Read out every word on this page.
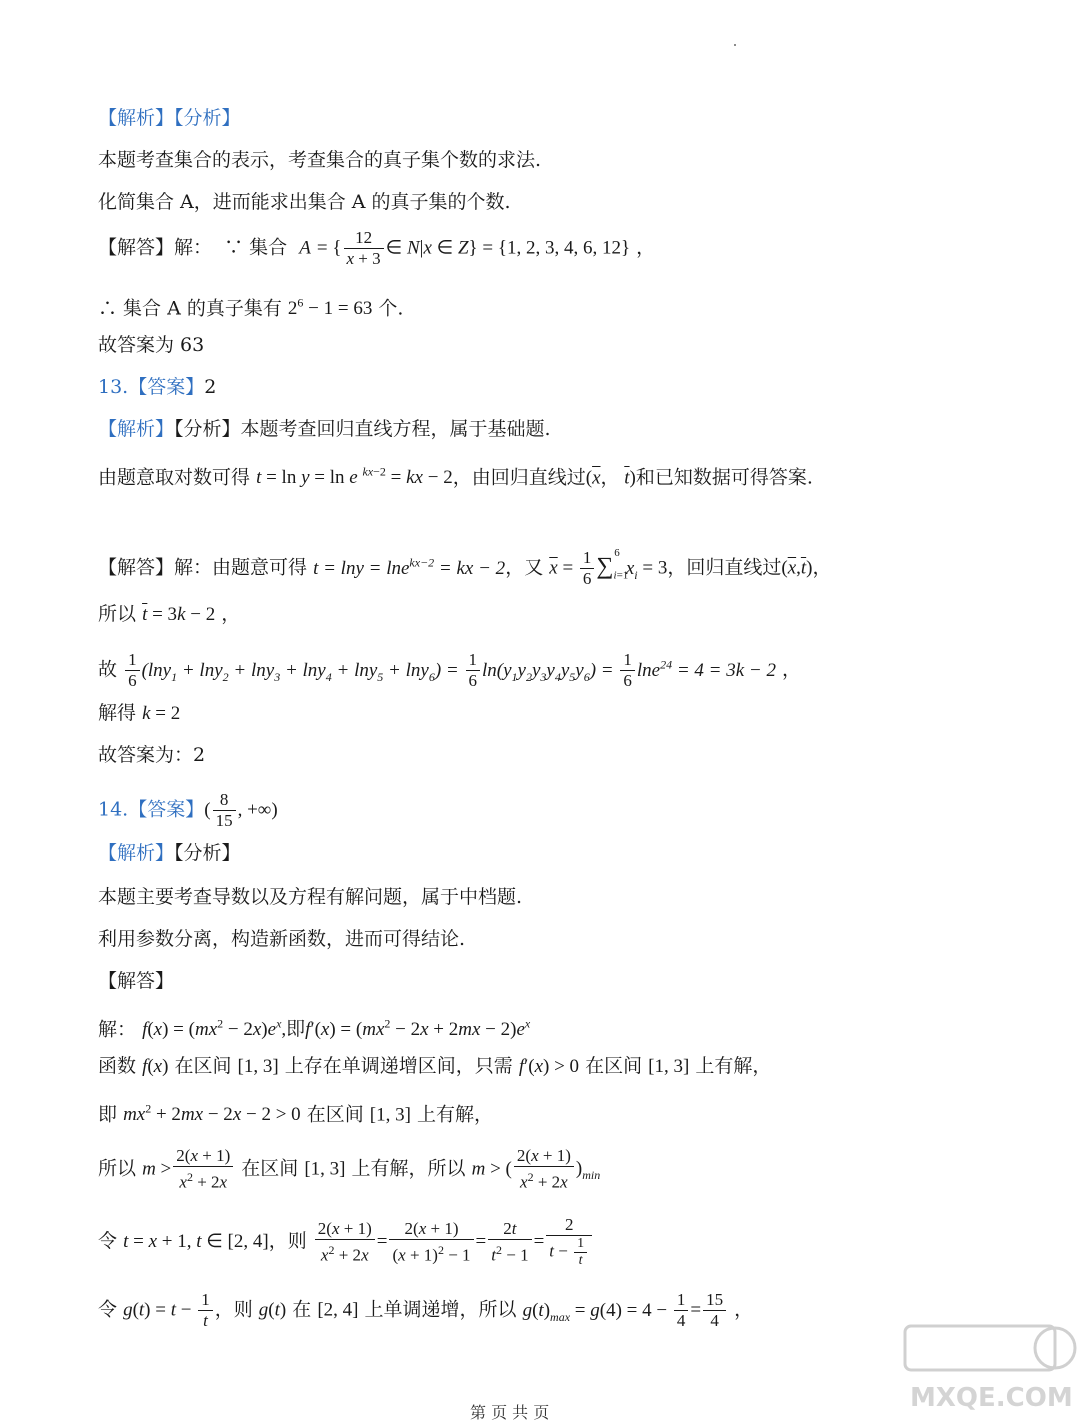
【解析】【分析】
本题考查集合的表示，考查集合的真子集个数的求法.
化简集合 A，进而能求出集合 A 的真子集的个数.
【解答】解： ∵ 集合 A = { $\frac{12}{x + 3}$ ∈ N|x ∈ Z} = {1, 2, 3, 4, 6, 12} ，
∴ 集合 A 的真子集有 $2^6 - 1 = 63$ 个.
故答案为 63
13.【答案】2
【解析】【分析】本题考查回归直线方程，属于基础题.
由题意取对数可得 t = ln y = ln e $^{kx-2}$ = kx − 2，由回归直线过($\overline{x}$， $\overline{t}$)和已知数据可得答案.
【解答】解：由题意可得 t = lny = lne$^{kx-2}$ = kx − 2，又 $\overline{x} = \frac{1}{6} \sum_{i=1}^6$ $x_i = 3$，回归直线过$(\overline{x},\overline{t})$，
所以 $\overline{t} = 3k - 2$ ，
故 $\frac{1}{6} (\ln y_1 + \ln y_2 + \ln y_3 + \ln y_4 + \ln y_5 + \ln y_6) = \frac{1}{6} \ln(y_1y_2y_3y_4y_5y_6) = \frac{1}{6} \ln e^{24} = 4 = 3k - 2$ ，
解得 k = 2
故答案为：2
14.【答案】( $\frac{8}{15}$ , +∞)
【解析】【分析】
本题主要考查导数以及方程有解问题，属于中档题.
利用参数分离，构造新函数，进而可得结论.
【解答】
解： $f(x) = (mx^2 - 2x)e^x$,即$f'(x) = (mx^2 - 2x + 2mx - 2)e^x$
函数 f(x) 在区间 [1, 3] 上存在单调递增区间，只需 f′(x) > 0 在区间 [1, 3] 上有解，
即 $mx^2 + 2mx - 2x - 2 > 0$ 在区间 [1, 3] 上有解，
所以 $m > \frac{2(x + 1)}{x^2 + 2x}$ 在区间 [1, 3] 上有解，所以 m > ( $\frac{2(x + 1)}{x^2 + 2x} )_{min}$
令 t = x + 1, t ∈ [2, 4]，则 $\frac{2(x + 1)}{x^2 + 2x} = \frac{2(x + 1)}{(x + 1)^2 - 1} = \frac{2t}{t^2 - 1} = \frac{2}{t - \frac{1}{t}}$
令 $g(t) = t - \frac{1}{t}$ ，则 g(t) 在 [2, 4] 上单调递增，所以 $g(t)_{max} = g(4) = 4 - \frac{1}{4} = \frac{15}{4}$ ，
MXQE.COM
第 页 共 页
